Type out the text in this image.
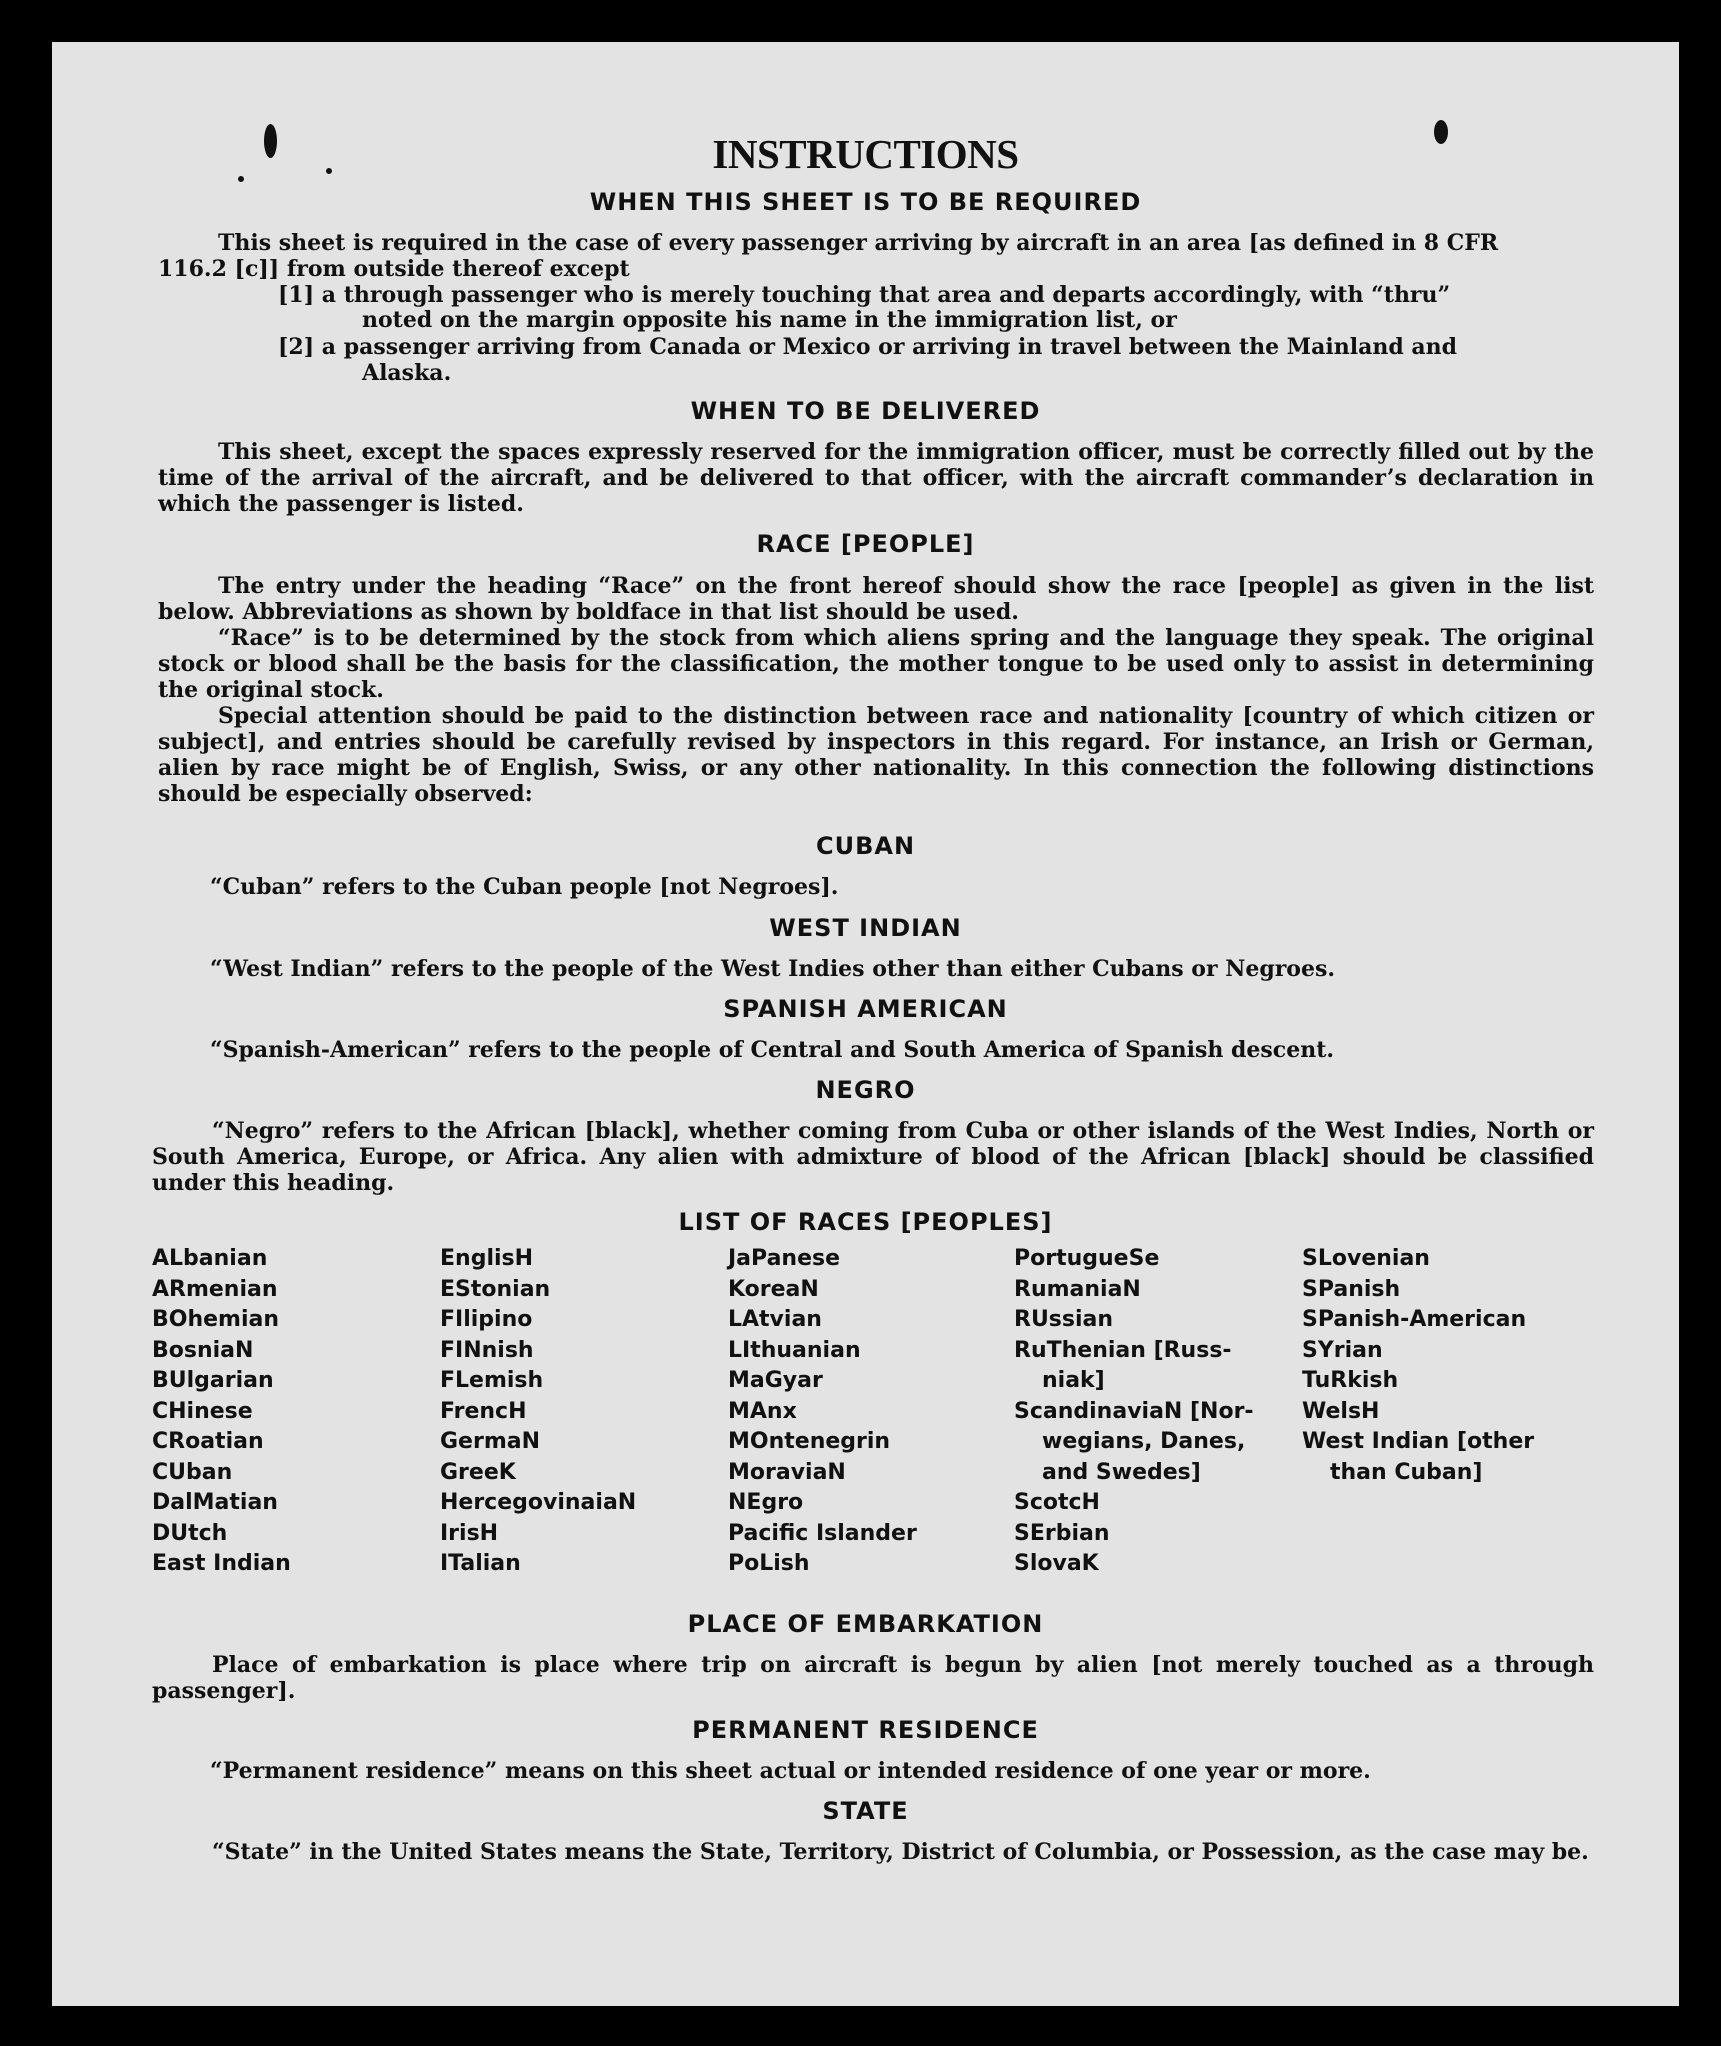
INSTRUCTIONS
WHEN THIS SHEET IS TO BE REQUIRED
This sheet is required in the case of every passenger arriving by aircraft in an area [as defined in 8 CFR
116.2 [c]] from outside thereof except
[1] a through passenger who is merely touching that area and departs accordingly, with “thru”
noted on the margin opposite his name in the immigration list, or
[2] a passenger arriving from Canada or Mexico or arriving in travel between the Mainland and
Alaska.
WHEN TO BE DELIVERED
This sheet, except the spaces expressly reserved for the immigration officer, must be correctly filled out by the time of the arrival of the aircraft, and be delivered to that officer, with the aircraft commander’s declaration in which the passenger is listed.
RACE [PEOPLE]
The entry under the heading “Race” on the front hereof should show the race [people] as given in the list below. Abbreviations as shown by boldface in that list should be used.
“Race” is to be determined by the stock from which aliens spring and the language they speak. The original stock or blood shall be the basis for the classification, the mother tongue to be used only to assist in determining the original stock.
Special attention should be paid to the distinction between race and nationality [country of which citizen or subject], and entries should be carefully revised by inspectors in this regard. For instance, an Irish or German, alien by race might be of English, Swiss, or any other nationality. In this connection the following distinctions should be especially observed:
CUBAN
“Cuban” refers to the Cuban people [not Negroes].
WEST INDIAN
“West Indian” refers to the people of the West Indies other than either Cubans or Negroes.
SPANISH AMERICAN
“Spanish-American” refers to the people of Central and South America of Spanish descent.
NEGRO
“Negro” refers to the African [black], whether coming from Cuba or other islands of the West Indies, North or South America, Europe, or Africa. Any alien with admixture of blood of the African [black] should be classified under this heading.
LIST OF RACES [PEOPLES]
ALbanian
ARmenian
BOhemian
BosniaN
BUlgarian
CHinese
CRoatian
CUban
DalMatian
DUtch
East Indian
EnglisH
EStonian
FIlipino
FINnish
FLemish
FrencH
GermaN
GreeK
HercegovinaiaN
IrisH
ITalian
JaPanese
KoreaN
LAtvian
LIthuanian
MaGyar
MAnx
MOntenegrin
MoraviaN
NEgro
Pacific Islander
PoLish
PortugueSe
RumaniaN
RUssian
RuThenian [Russ-
niak]
ScandinaviaN [Nor-
wegians, Danes,
and Swedes]
ScotcH
SErbian
SlovaK
SLovenian
SPanish
SPanish-American
SYrian
TuRkish
WelsH
West Indian [other
than Cuban]
PLACE OF EMBARKATION
Place of embarkation is place where trip on aircraft is begun by alien [not merely touched as a through passenger].
PERMANENT RESIDENCE
“Permanent residence” means on this sheet actual or intended residence of one year or more.
STATE
“State” in the United States means the State, Territory, District of Columbia, or Possession, as the case may be.
